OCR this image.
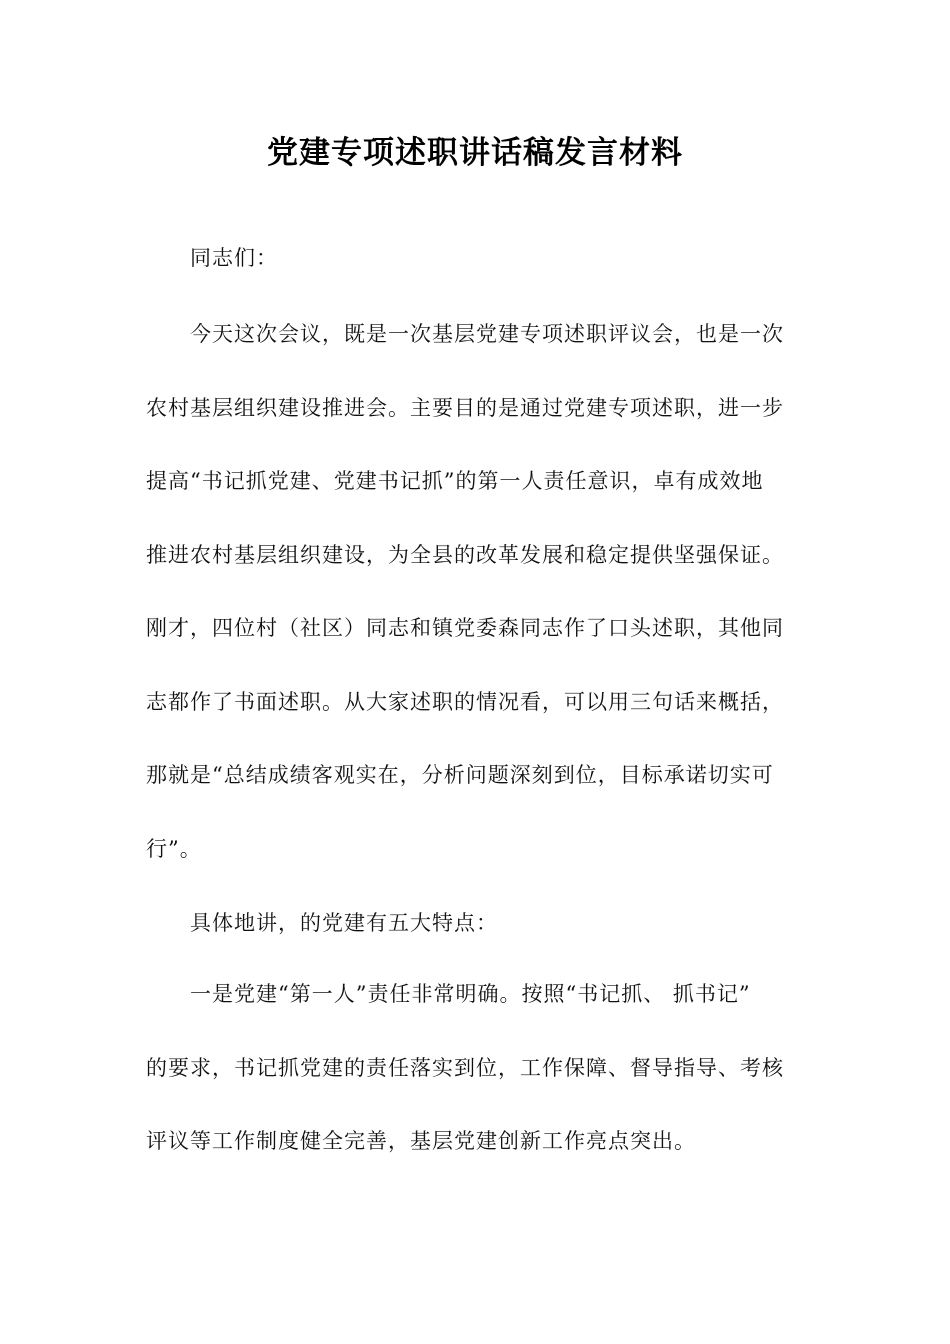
党建专项述职讲话稿发言材料

同志们：

今天这次会议，既是一次基层党建专项述职评议会，也是一次
农村基层组织建设推进会。主要目的是通过党建专项述职，进一步
提高“书记抓党建、党建书记抓”的第一人责任意识，卓有成效地
推进农村基层组织建设，为全县的改革发展和稳定提供坚强保证。
刚才，四位村（社区）同志和镇党委森同志作了口头述职，其他同
志都作了书面述职。从大家述职的情况看，可以用三句话来概括，
那就是“总结成绩客观实在，分析问题深刻到位，目标承诺切实可
行”。

具体地讲，的党建有五大特点：

一是党建“第一人”责任非常明确。按照“书记抓、 抓书记”
的要求，书记抓党建的责任落实到位，工作保障、督导指导、考核
评议等工作制度健全完善，基层党建创新工作亮点突出。
